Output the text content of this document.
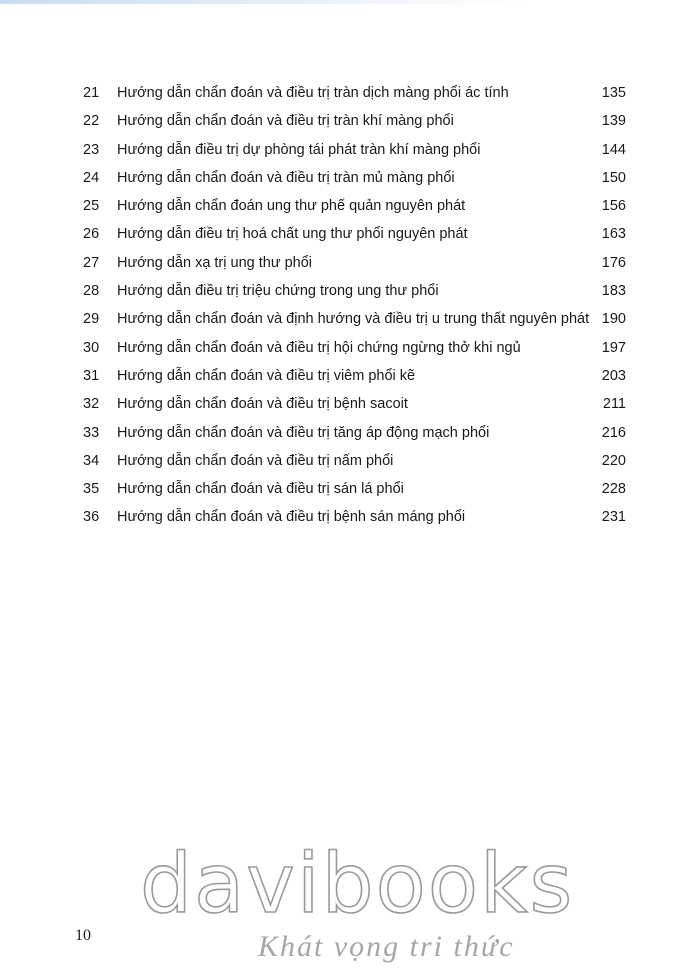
21	Hướng dẫn chẩn đoán và điều trị tràn dịch màng phổi ác tính	135
22	Hướng dẫn chẩn đoán và điều trị tràn khí màng phổi	139
23	Hướng dẫn điều trị dự phòng tái phát tràn khí màng phổi	144
24	Hướng dẫn chẩn đoán và điều trị tràn mủ màng phổi	150
25	Hướng dẫn chẩn đoán ung thư phế quản nguyên phát	156
26	Hướng dẫn điều trị hoá chất ung thư phổi nguyên phát	163
27	Hướng dẫn xạ trị ung thư phổi	176
28	Hướng dẫn điều trị triệu chứng trong ung thư phổi	183
29	Hướng dẫn chẩn đoán và định hướng và điều trị u trung thất nguyên phát 190
30	Hướng dẫn chẩn đoán và điều trị hội chứng ngừng thở khi ngủ	197
31	Hướng dẫn chẩn đoán và điều trị viêm phổi kẽ	203
32	Hướng dẫn chẩn đoán và điều trị bệnh sacoit	211
33	Hướng dẫn chẩn đoán và điều trị tăng áp động mạch phổi	216
34	Hướng dẫn chẩn đoán và điều trị nấm phổi	220
35	Hướng dẫn chẩn đoán và điều trị sán lá phổi	228
36	Hướng dẫn chẩn đoán và điều trị bệnh sán máng phổi	231
10
davibooks
Khát vọng tri thức
